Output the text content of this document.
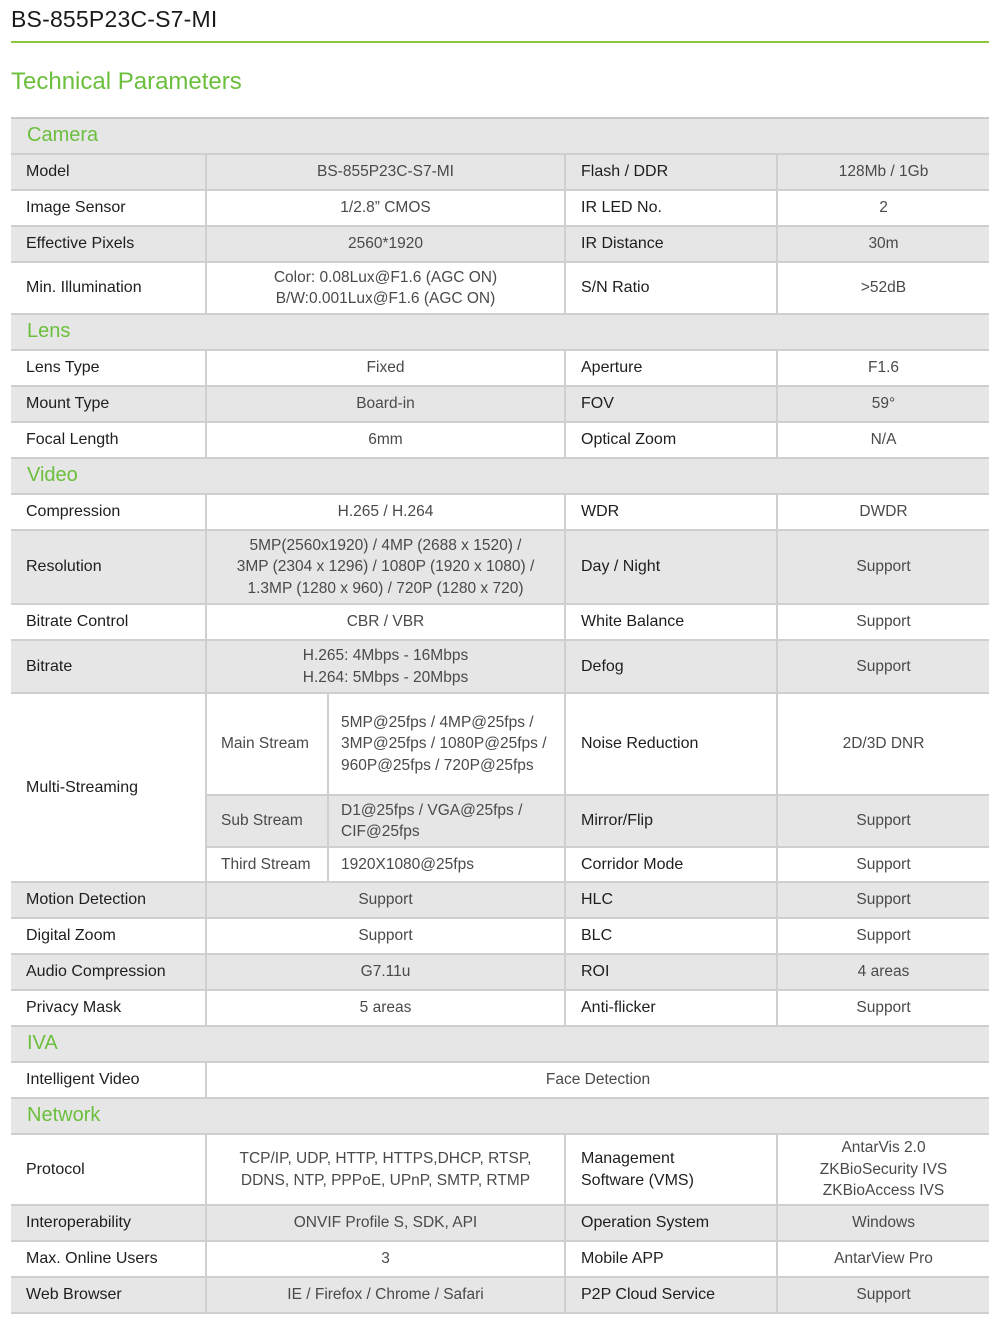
BS-855P23C-S7-MI
Technical Parameters
Camera				
Model	BS-855P23C-S7-MI		Flash / DDR	128Mb / 1Gb
Image Sensor	1/2.8” CMOS		IR LED No.	2
Effective Pixels	2560*1920		IR Distance	30m
Min. Illumination	Color: 0.08Lux@F1.6 (AGC ON)
B/W:0.001Lux@F1.6 (AGC ON)		S/N Ratio	>52dB
Lens				
Lens Type	Fixed		Aperture	F1.6
Mount Type	Board-in		FOV	59°
Focal Length	6mm		Optical Zoom	N/A
Video				
Compression	H.265 / H.264		WDR	DWDR
Resolution	5MP(2560x1920) / 4MP (2688 x 1520) /
3MP (2304 x 1296) / 1080P (1920 x 1080) /
1.3MP (1280 x 960) / 720P (1280 x 720)		Day / Night	Support
Bitrate Control	CBR / VBR		White Balance	Support
Bitrate	H.265: 4Mbps - 16Mbps
H.264: 5Mbps - 20Mbps		Defog	Support
Multi-Streaming	Main Stream	5MP@25fps / 4MP@25fps /
3MP@25fps / 1080P@25fps /
960P@25fps / 720P@25fps	Noise Reduction	2D/3D DNR
	Sub Stream	D1@25fps / VGA@25fps /
CIF@25fps	Mirror/Flip	Support
	Third Stream	1920X1080@25fps	Corridor Mode	Support
Motion Detection	Support		HLC	Support
Digital Zoom	Support		BLC	Support
Audio Compression	G7.11u		ROI	4 areas
Privacy Mask	5 areas		Anti-flicker	Support
IVA				
Intelligent Video	Face Detection			
Network				
Protocol	TCP/IP, UDP, HTTP, HTTPS,DHCP, RTSP,
DDNS, NTP, PPPoE, UPnP, SMTP, RTMP		Management
Software (VMS)	AntarVis 2.0
ZKBioSecurity IVS
ZKBioAccess IVS

Interoperability	ONVIF Profile S, SDK, API		Operation System	Windows
Max. Online Users	3		Mobile APP	AntarView Pro
Web Browser	IE / Firefox / Chrome / Safari		P2P Cloud Service	Support
